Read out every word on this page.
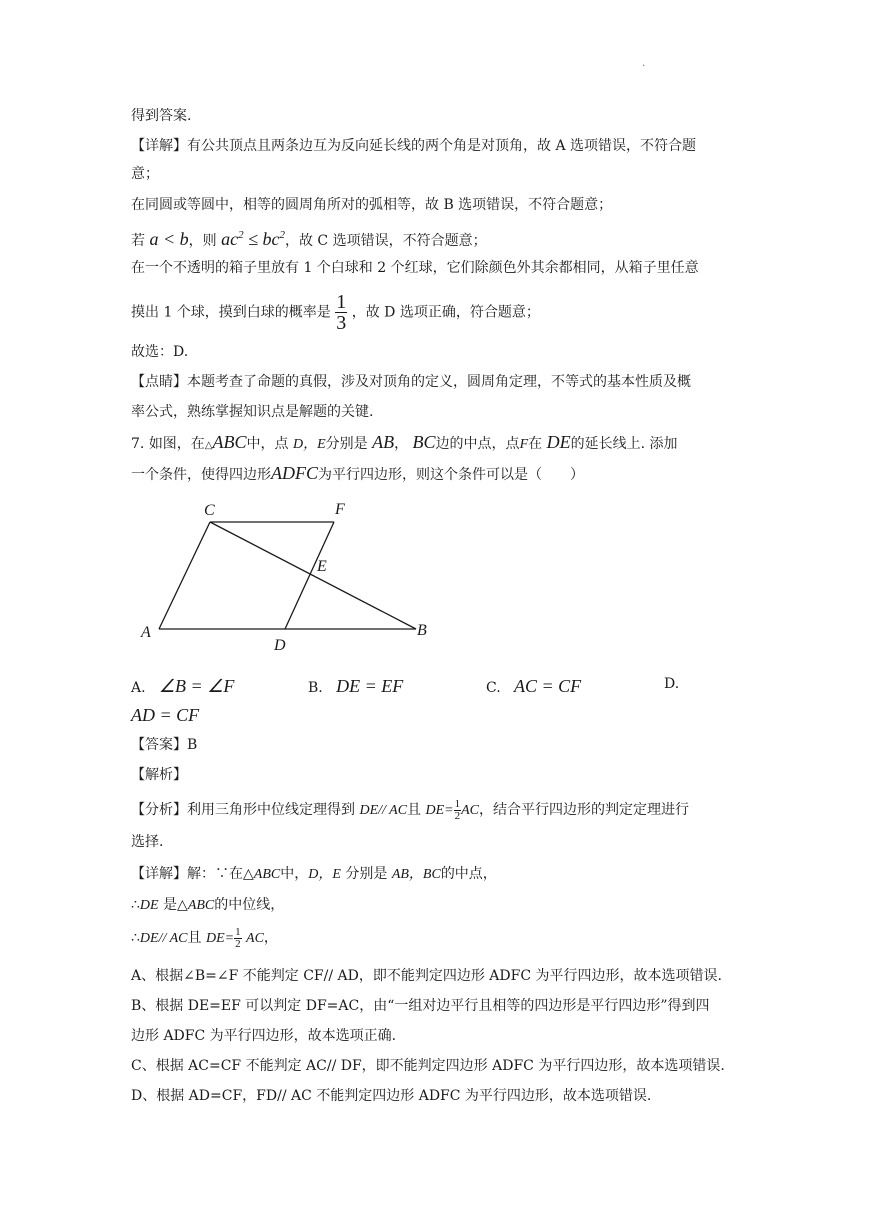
.
得到答案.
【详解】有公共顶点且两条边互为反向延长线的两个角是对顶角，故 A 选项错误，不符合题
意；
在同圆或等圆中，相等的圆周角所对的弧相等，故 B 选项错误，不符合题意；
若 a < b，则 $ac^2 \le bc^2$，故 C 选项错误，不符合题意；
在一个不透明的箱子里放有 1 个白球和 2 个红球，它们除颜色外其余都相同，从箱子里任意
摸出 1 个球，摸到白球的概率是 $\frac{1}{3}$ ，故 D 选项正确，符合题意；
故选：D.
【点睛】本题考查了命题的真假，涉及对顶角的定义，圆周角定理，不等式的基本性质及概
率公式，熟练掌握知识点是解题的关键.
7. 如图，在△ABC中，点 D，E分别是 AB， BC边的中点，点F在 DE的延长线上. 添加
一个条件，使得四边形ADFC为平行四边形，则这个条件可以是（　　）
C	F
E
A
D
B
A. ∠B = ∠F	B. DE = EF	C. AC = CF	D.
AD = CF
【答案】B
【解析】
【分析】利用三角形中位线定理得到 DE// AC且 $DE= \frac{1}{2}$ AC，结合平行四边形的判定定理进行
选择.
【详解】解：∵在△ABC中，D，E 分别是 AB，BC的中点，
∴DE 是△ABC的中位线，
∴DE// AC且 $DE= \frac{1}{2}$ AC，
A、根据∠B=∠F 不能判定 CF// AD，即不能判定四边形 ADFC 为平行四边形，故本选项错误.
B、根据 DE=EF 可以判定 DF=AC，由“一组对边平行且相等的四边形是平行四边形”得到四
边形 ADFC 为平行四边形，故本选项正确.
C、根据 AC=CF 不能判定 AC// DF，即不能判定四边形 ADFC 为平行四边形，故本选项错误.
D、根据 AD=CF，FD// AC 不能判定四边形 ADFC 为平行四边形，故本选项错误.
